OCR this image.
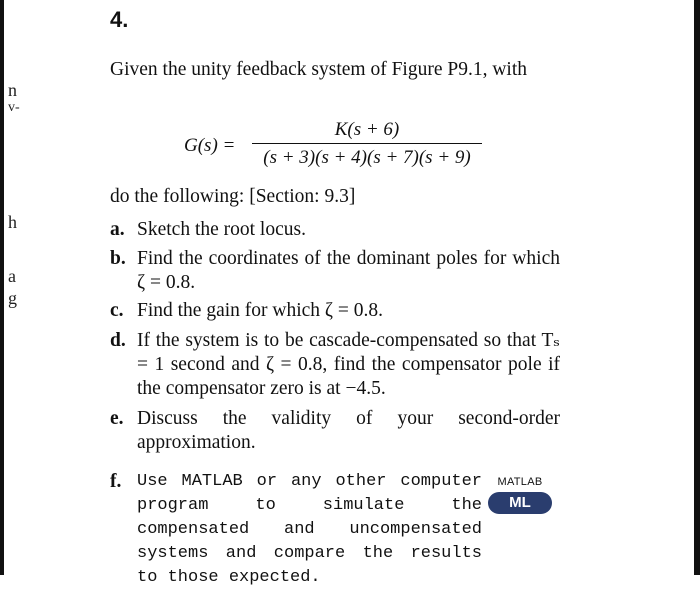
n
v-
h
a
g
4.
Given the unity feedback system of Figure P9.1, with
G(s) =
K(s + 6)
(s + 3)(s + 4)(s + 7)(s + 9)
do the following: [Section: 9.3]
a. Sketch the root locus.
b. Find the coordinates of the dominant poles for which ζ = 0.8.
c. Find the gain for which ζ = 0.8.
d. If the system is to be cascade-compensated so that Tₛ = 1 second and ζ = 0.8, find the compensator pole if the compensator zero is at −4.5.
e. Discuss the validity of your second-order approximation.
f. Use MATLAB or any other computer program to simulate the compensated and uncompensated systems and compare the results to those expected.
MATLAB
ML
